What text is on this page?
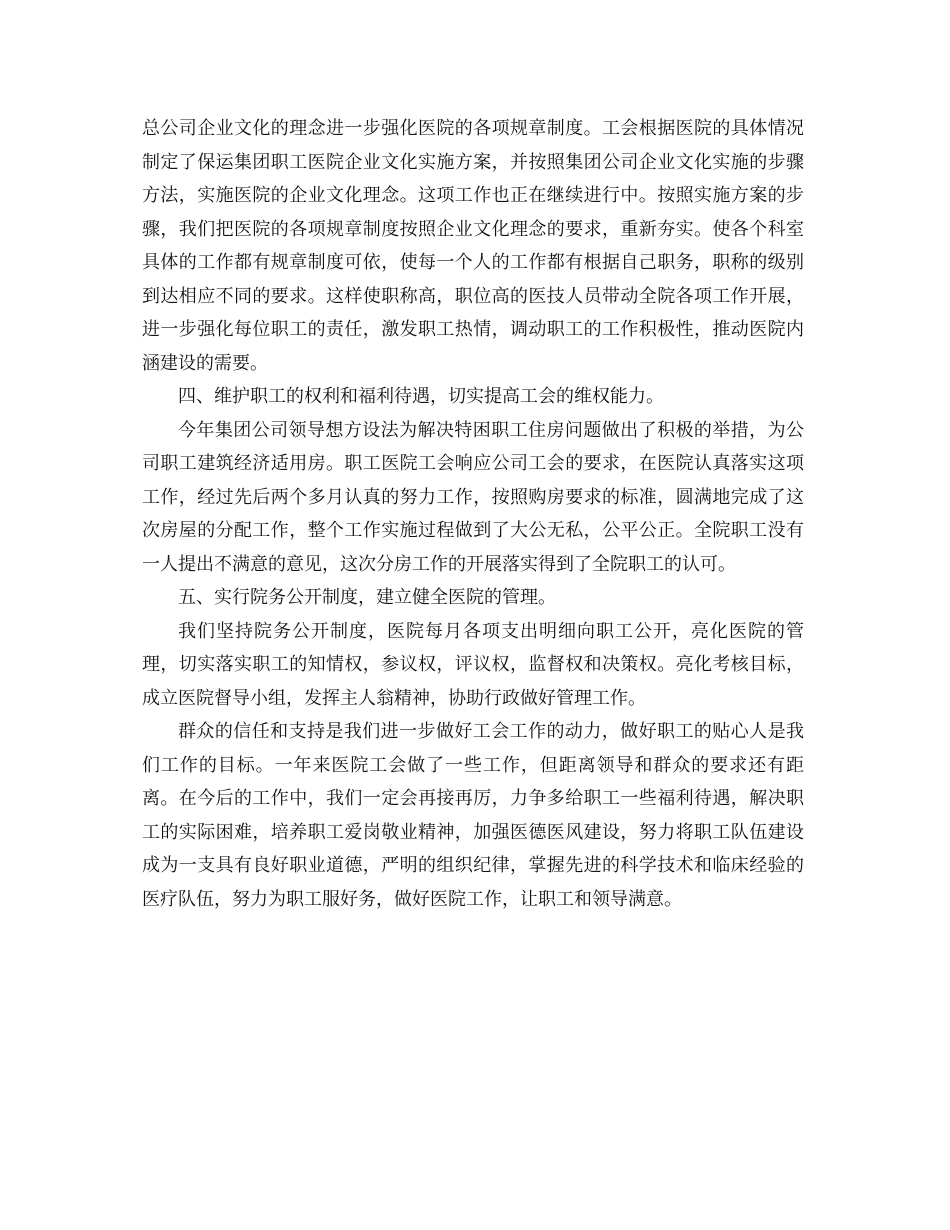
总公司企业文化的理念进一步强化医院的各项规章制度。工会根据医院的具体情况制定了保运集团职工医院企业文化实施方案，并按照集团公司企业文化实施的步骤方法，实施医院的企业文化理念。这项工作也正在继续进行中。按照实施方案的步骤，我们把医院的各项规章制度按照企业文化理念的要求，重新夯实。使各个科室具体的工作都有规章制度可依，使每一个人的工作都有根据自己职务，职称的级别到达相应不同的要求。这样使职称高，职位高的医技人员带动全院各项工作开展，进一步强化每位职工的责任，激发职工热情，调动职工的工作积极性，推动医院内涵建设的需要。

四、维护职工的权利和福利待遇，切实提高工会的维权能力。

今年集团公司领导想方设法为解决特困职工住房问题做出了积极的举措，为公司职工建筑经济适用房。职工医院工会响应公司工会的要求，在医院认真落实这项工作，经过先后两个多月认真的努力工作，按照购房要求的标准，圆满地完成了这次房屋的分配工作，整个工作实施过程做到了大公无私，公平公正。全院职工没有一人提出不满意的意见，这次分房工作的开展落实得到了全院职工的认可。

五、实行院务公开制度，建立健全医院的管理。

我们坚持院务公开制度，医院每月各项支出明细向职工公开，亮化医院的管理，切实落实职工的知情权，参议权，评议权，监督权和决策权。亮化考核目标，成立医院督导小组，发挥主人翁精神，协助行政做好管理工作。

群众的信任和支持是我们进一步做好工会工作的动力，做好职工的贴心人是我们工作的目标。一年来医院工会做了一些工作，但距离领导和群众的要求还有距离。在今后的工作中，我们一定会再接再厉，力争多给职工一些福利待遇，解决职工的实际困难，培养职工爱岗敬业精神，加强医德医风建设，努力将职工队伍建设成为一支具有良好职业道德，严明的组织纪律，掌握先进的科学技术和临床经验的医疗队伍，努力为职工服好务，做好医院工作，让职工和领导满意。
